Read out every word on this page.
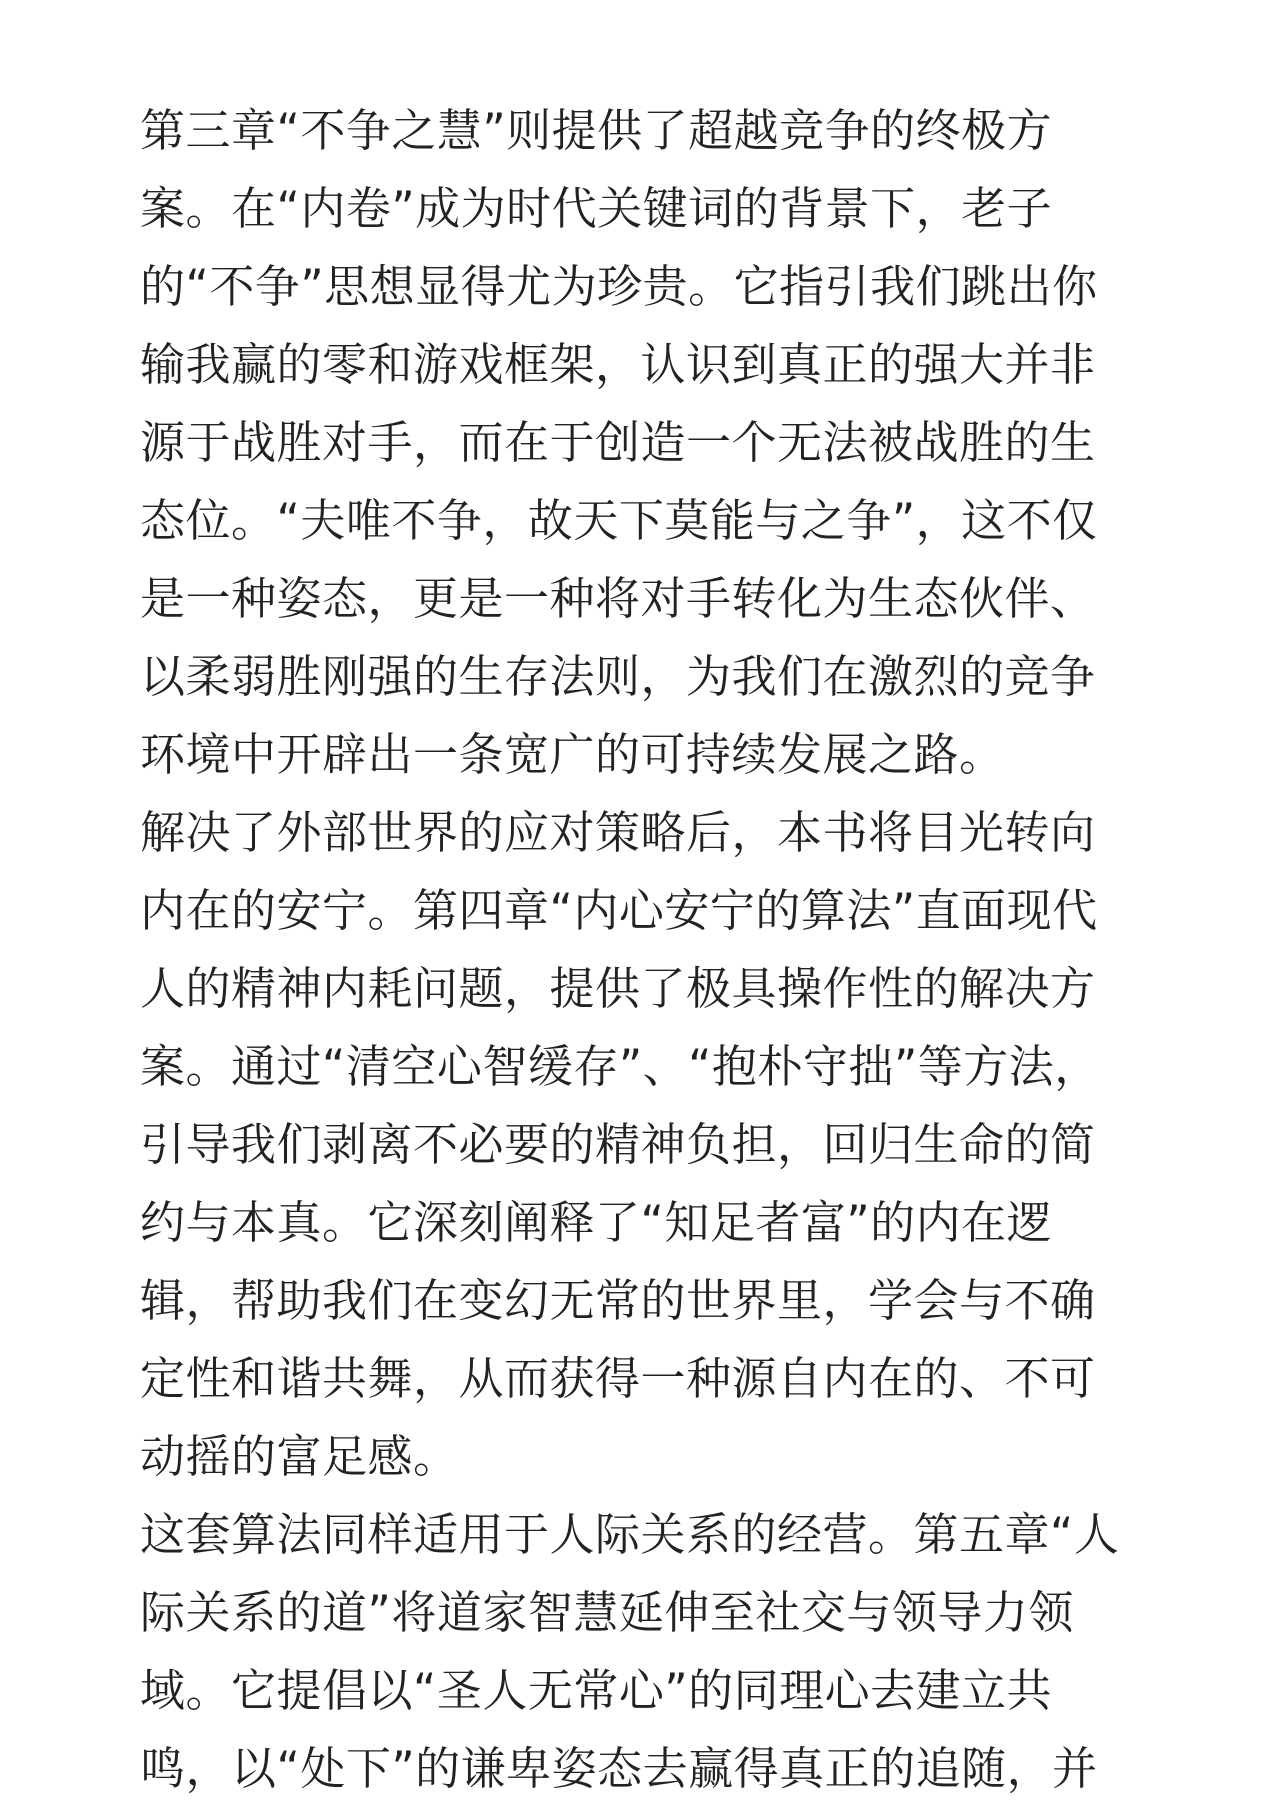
第三章“不争之慧”则提供了超越竞争的终极方案。在“内卷”成为时代关键词的背景下，老子的“不争”思想显得尤为珍贵。它指引我们跳出你输我赢的零和游戏框架，认识到真正的强大并非源于战胜对手，而在于创造一个无法被战胜的生态位。“夫唯不争，故天下莫能与之争”，这不仅是一种姿态，更是一种将对手转化为生态伙伴、以柔弱胜刚强的生存法则，为我们在激烈的竞争环境中开辟出一条宽广的可持续发展之路。

解决了外部世界的应对策略后，本书将目光转向内在的安宁。第四章“内心安宁的算法”直面现代人的精神内耗问题，提供了极具操作性的解决方案。通过“清空心智缓存”、“抱朴守拙”等方法，引导我们剥离不必要的精神负担，回归生命的简约与本真。它深刻阐释了“知足者富”的内在逻辑，帮助我们在变幻无常的世界里，学会与不确定性和谐共舞，从而获得一种源自内在的、不可动摇的富足感。

这套算法同样适用于人际关系的经营。第五章“人际关系的道”将道家智慧延伸至社交与领导力领域。它提倡以“圣人无常心”的同理心去建立共鸣，以“处下”的谦卑姿态去赢得真正的追随，并
